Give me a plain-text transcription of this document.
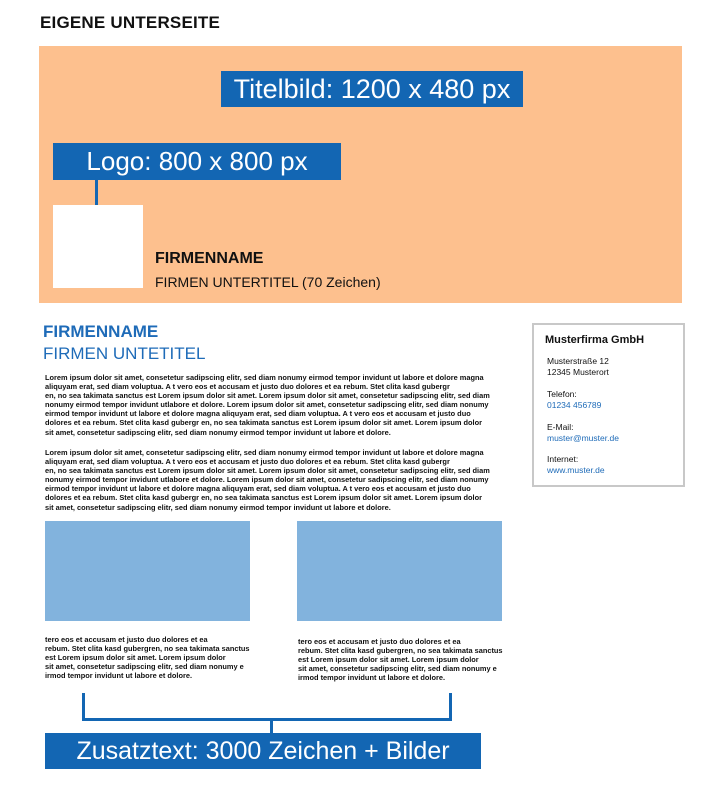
EIGENE UNTERSEITE
Titelbild: 1200 x 480 px
Logo: 800 x 800 px
FIRMENNAME
FIRMEN UNTERTITEL (70 Zeichen)
FIRMENNAME
FIRMEN UNTETITEL
Lorem ipsum dolor sit amet, consetetur sadipscing elitr, sed diam nonumy eirmod tempor invidunt ut labore et dolore magna
aliquyam erat, sed diam voluptua. A t vero eos et accusam et justo duo dolores et ea rebum. Stet clita kasd gubergr
en, no sea takimata sanctus est Lorem ipsum dolor sit amet. Lorem ipsum dolor sit amet, consetetur sadipscing elitr, sed diam
nonumy eirmod tempor invidunt utlabore et dolore. Lorem ipsum dolor sit amet, consetetur sadipscing elitr, sed diam nonumy
eirmod tempor invidunt ut labore et dolore magna aliquyam erat, sed diam voluptua. A t vero eos et accusam et justo duo
dolores et ea rebum. Stet clita kasd gubergr en, no sea takimata sanctus est Lorem ipsum dolor sit amet. Lorem ipsum dolor
sit amet, consetetur sadipscing elitr, sed diam nonumy eirmod tempor invidunt ut labore et dolore.
Lorem ipsum dolor sit amet, consetetur sadipscing elitr, sed diam nonumy eirmod tempor invidunt ut labore et dolore magna
aliquyam erat, sed diam voluptua. A t vero eos et accusam et justo duo dolores et ea rebum. Stet clita kasd gubergr
en, no sea takimata sanctus est Lorem ipsum dolor sit amet. Lorem ipsum dolor sit amet, consetetur sadipscing elitr, sed diam
nonumy eirmod tempor invidunt utlabore et dolore. Lorem ipsum dolor sit amet, consetetur sadipscing elitr, sed diam nonumy
eirmod tempor invidunt ut labore et dolore magna aliquyam erat, sed diam voluptua. A t vero eos et accusam et justo duo
dolores et ea rebum. Stet clita kasd gubergr en, no sea takimata sanctus est Lorem ipsum dolor sit amet. Lorem ipsum dolor
sit amet, consetetur sadipscing elitr, sed diam nonumy eirmod tempor invidunt ut labore et dolore.
tero eos et accusam et justo duo dolores et ea
rebum. Stet clita kasd gubergren, no sea takimata sanctus
est Lorem ipsum dolor sit amet. Lorem ipsum dolor
sit amet, consetetur sadipscing elitr, sed diam nonumy e
irmod tempor invidunt ut labore et dolore.
tero eos et accusam et justo duo dolores et ea
rebum. Stet clita kasd gubergren, no sea takimata sanctus
est Lorem ipsum dolor sit amet. Lorem ipsum dolor
sit amet, consetetur sadipscing elitr, sed diam nonumy e
irmod tempor invidunt ut labore et dolore.
Zusatztext: 3000 Zeichen + Bilder
Musterfirma GmbH
Musterstraße 12
12345 Musterort
Telefon:
01234 456789
E-Mail:
muster@muster.de
Internet:
www.muster.de
